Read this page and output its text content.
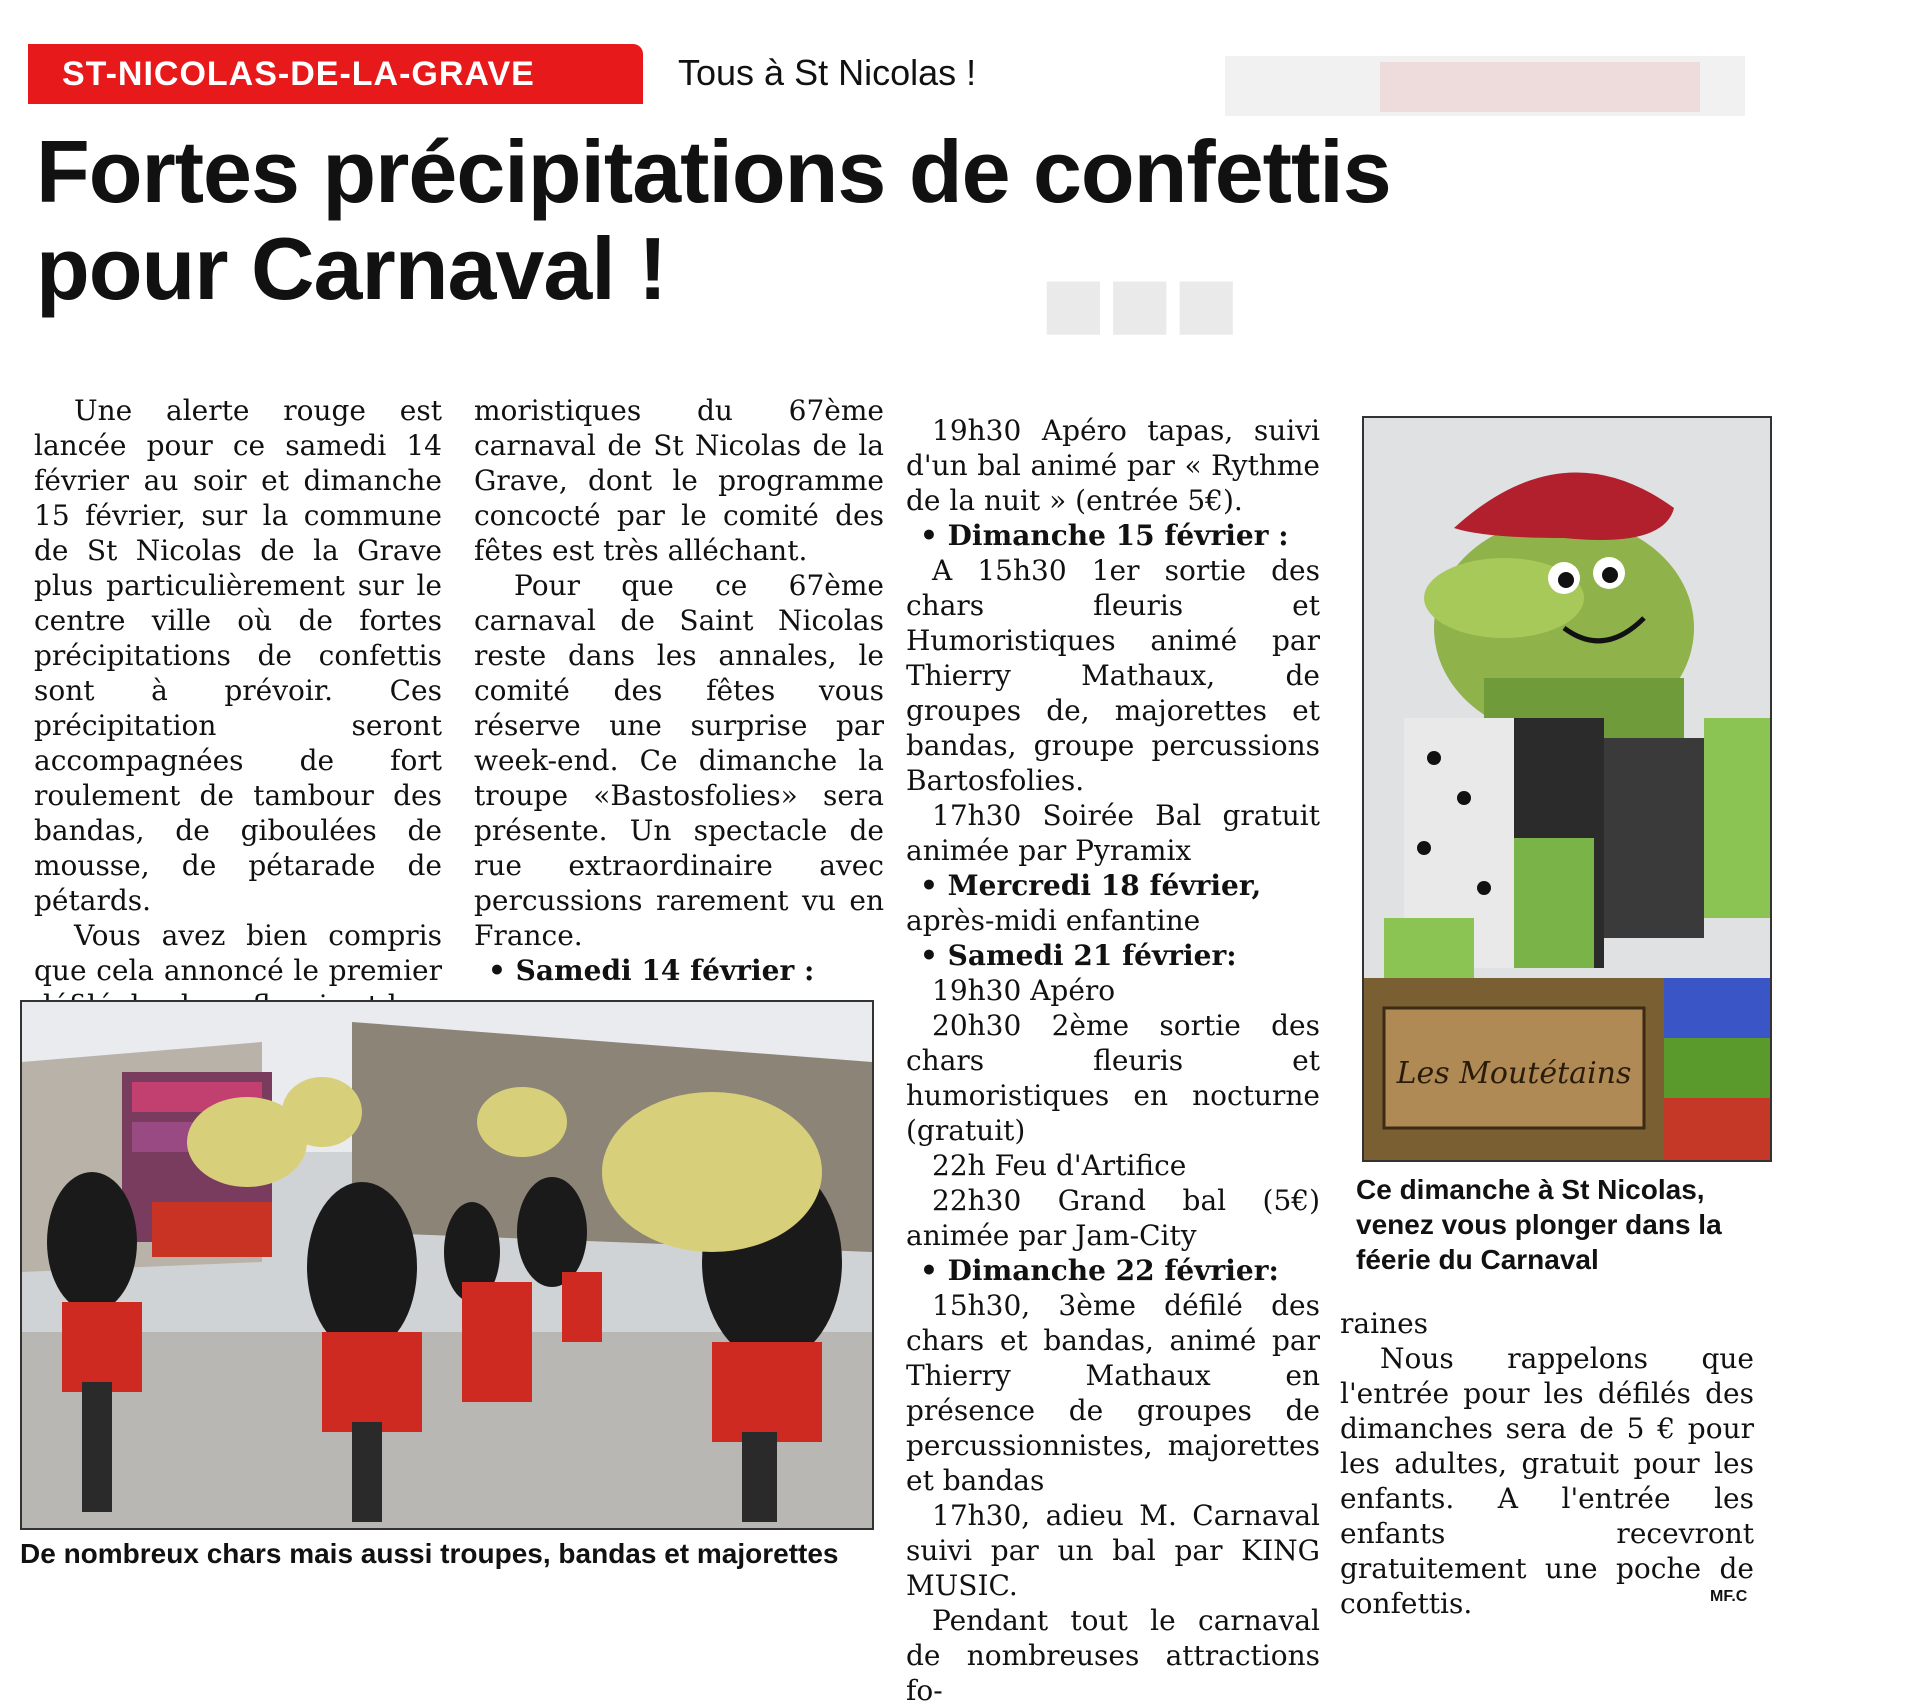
■■■
ST-NICOLAS-DE-LA-GRAVE	Tous à St Nicolas !
Fortes précipitations de confettis
pour Carnaval !

Une alerte rouge est lancée pour ce samedi 14 février au soir et dimanche 15 février, sur la commune de St Nicolas de la Grave plus particulièrement sur le centre ville où de fortes précipitations de confettis sont à prévoir. Ces précipitation seront accompagnées de fort roulement de tambour des bandas, de giboulées de mousse, de pétarade de pétards.

Vous avez bien compris que cela annoncé le premier

moristiques du 67ème carnaval de St Nicolas de la Grave, dont le programme concocté par le comité des fêtes est très alléchant.

Pour que ce 67ème carnaval de Saint Nicolas reste dans les annales, le comité des fêtes vous réserve une surprise par week-end. Ce dimanche la troupe «Bastosfolies» sera présente. Un spectacle de rue extraordinaire avec percussions rarement vu en France.

• Samedi 14 février :

19h30 Apéro tapas, suivi d'un bal animé par « Rythme de la nuit » (entrée 5€).

• Dimanche 15 février :

A 15h30 1er sortie des chars fleuris et Humoristiques animé par Thierry Mathaux, de groupes de, majorettes et bandas, groupe percussions Bartosfolies.

17h30 Soirée Bal gratuit animée par Pyramix

• Mercredi 18 février,

après-midi enfantine

• Samedi 21 février:

19h30 Apéro

20h30 2ème sortie des chars fleuris et humoristiques en nocturne (gratuit)

22h Feu d'Artifice

22h30 Grand bal (5€) animée par Jam-City

• Dimanche 22 février:

15h30, 3ème défilé des chars et bandas, animé par Thierry Mathaux en présence de groupes de percussionnistes, majorettes et bandas

17h30, adieu M. Carnaval suivi par un bal par KING MUSIC.

Pendant tout le carnaval de nombreuses attractions fo-

raines

Nous rappelons que l'entrée pour les défilés des dimanches sera de 5 € pour les adultes, gratuit pour les enfants. A l'entrée les enfants recevront gratuitement une poche de confettis.

De nombreux chars mais aussi troupes, bandas et majorettes
Les Moutétains
Ce dimanche à St Nicolas, venez vous plonger dans la féerie du Carnaval
MF.C
